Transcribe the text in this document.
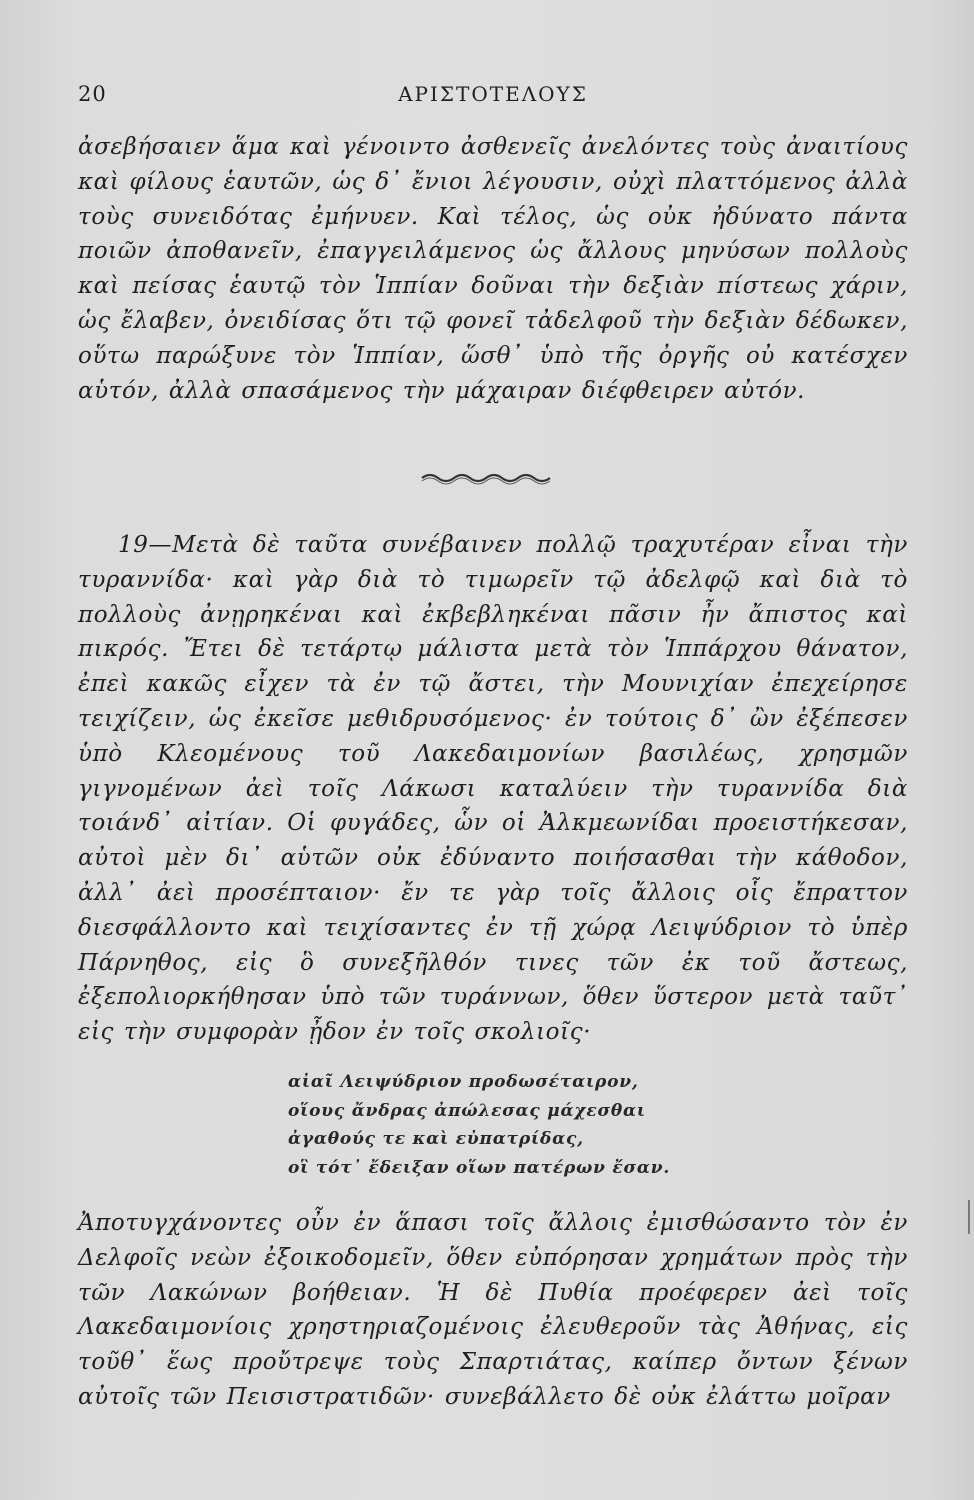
20	ΑΡΙΣΤΟΤΕΛΟΥΣ
ἀσεβήσαιεν ἅμα καὶ γένοιντο ἀσθενεῖς ἀνελόντες τοὺς ἀναιτίους καὶ φίλους ἑαυτῶν, ὡς δ᾽ ἔνιοι λέγουσιν, οὐχὶ πλαττόμενος ἀλλὰ τοὺς συνειδότας ἐμήνυεν. Καὶ τέλος, ὡς οὐκ ἠδύνατο πάντα ποιῶν ἀποθανεῖν, ἐπαγγειλάμενος ὡς ἄλλους μηνύσων πολλοὺς καὶ πείσας ἑαυτῷ τὸν Ἱππίαν δοῦναι τὴν δεξιὰν πίστεως χάριν, ὡς ἔλαβεν, ὀνειδίσας ὅτι τῷ φονεῖ τἀδελφοῦ τὴν δεξιὰν δέδωκεν, οὕτω παρώξυνε τὸν Ἱππίαν, ὥσθ᾽ ὑπὸ τῆς ὀργῆς οὐ κατέσχεν αὑτόν, ἀλλὰ σπασάμενος τὴν μάχαιραν διέφθειρεν αὐτόν.
19—Μετὰ δὲ ταῦτα συνέβαινεν πολλῷ τραχυτέραν εἶναι τὴν τυραννίδα· καὶ γὰρ διὰ τὸ τιμωρεῖν τῷ ἀδελφῷ καὶ διὰ τὸ πολλοὺς ἀνῃρηκέναι καὶ ἐκβεβληκέναι πᾶσιν ἦν ἄπιστος καὶ πικρός. Ἔτει δὲ τετάρτῳ μάλιστα μετὰ τὸν Ἱππάρχου θάνατον, ἐπεὶ κακῶς εἶχεν τὰ ἐν τῷ ἄστει, τὴν Μουνιχίαν ἐπεχείρησε τειχίζειν, ὡς ἐκεῖσε μεθιδρυσόμενος· ἐν τούτοις δ᾽ ὢν ἐξέπεσεν ὑπὸ Κλεομένους τοῦ Λακεδαιμονίων βασιλέως, χρησμῶν γιγνομένων ἀεὶ τοῖς Λάκωσι καταλύειν τὴν τυραννίδα διὰ τοιάνδ᾽ αἰτίαν. Οἱ φυγάδες, ὧν οἱ Ἀλκμεωνίδαι προειστήκεσαν, αὐτοὶ μὲν δι᾽ αὑτῶν οὐκ ἐδύναντο ποιήσασθαι τὴν κάθοδον, ἀλλ᾽ ἀεὶ προσέπταιον· ἔν τε γὰρ τοῖς ἄλλοις οἷς ἔπραττον διεσφάλλοντο καὶ τειχίσαντες ἐν τῇ χώρᾳ Λειψύδριον τὸ ὑπὲρ Πάρνηθος, εἰς ὃ συνεξῆλθόν τινες τῶν ἐκ τοῦ ἄστεως, ἐξεπολιορκήθησαν ὑπὸ τῶν τυράννων, ὅθεν ὕστερον μετὰ ταῦτ᾽ εἰς τὴν συμφορὰν ᾖδον ἐν τοῖς σκολιοῖς·
αἰαῖ Λειψύδριον προδωσέταιρον,
οἵους ἄνδρας ἀπώλεσας μάχεσθαι
ἀγαθούς τε καὶ εὐπατρίδας,
οἳ τότ᾽ ἔδειξαν οἵων πατέρων ἔσαν.
Ἀποτυγχάνοντες οὖν ἐν ἅπασι τοῖς ἄλλοις ἐμισθώσαντο τὸν ἐν Δελφοῖς νεὼν ἐξοικοδομεῖν, ὅθεν εὐπόρησαν χρημάτων πρὸς τὴν τῶν Λακώνων βοήθειαν. Ἡ δὲ Πυθία προέφερεν ἀεὶ τοῖς Λακεδαιμονίοις χρηστηριαζομένοις ἐλευθεροῦν τὰς Ἀθήνας, εἰς τοῦθ᾽ ἕως προὔτρεψε τοὺς Σπαρτιάτας, καίπερ ὄντων ξένων αὐτοῖς τῶν Πεισιστρατιδῶν· συνεβάλλετο δὲ οὐκ ἐλάττω μοῖραν
